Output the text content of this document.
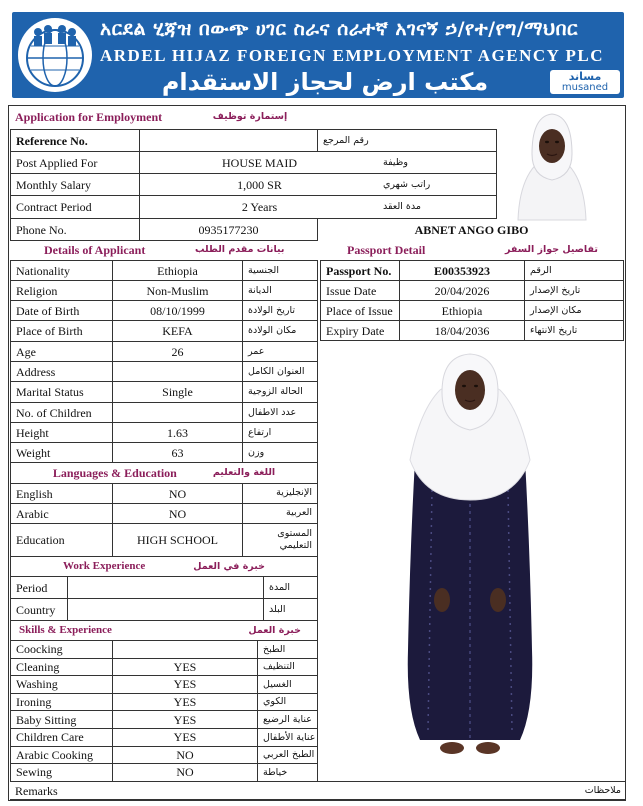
አርደል ሂጃዝ በውጭ ሀገር ስራና ሰራተኛ አገናኝ ኃ/የተ/የግ/ማህበር
ARDEL HIJAZ FOREIGN EMPLOYMENT AGENCY PLC
مكتب ارض لحجاز الاستقدام	مساند
musaned
Application for Employment	إستمارة توظيف
Reference No.	رقم المرجع
Post Applied For	HOUSE MAID	وظيفة
Monthly Salary	1,000 SR	راتب شهري
Contract Period	2 Years	مدة العقد
Phone No.	0935177230	ABNET ANGO GIBO
Details of Applicant	بيانات مقدم الطلب	Passport Detail	تفاصيل جواز السفر
Nationality	Ethiopia	الجنسية
Religion	Non-Muslim	الديانة
Date of Birth	08/10/1999	تاريخ الولادة
Place of Birth	KEFA	مكان الولادة
Age	26	عمر
Address	العنوان الكامل
Marital Status	Single	الحالة الزوجية
No. of Children	عدد الاطفال
Height	1.63	ارتفاع
Weight	63	وزن
Passport No.	E00353923	الرقم
Issue Date	20/04/2026	تاريخ الإصدار
Place of Issue	Ethiopia	مكان الإصدار
Expiry Date	18/04/2036	تاريخ الانتهاء
Languages & Education	اللغة والتعليم
English	NO	الإنجليزية
Arabic	NO	العربية
Education	HIGH SCHOOL	المستوى التعليمي
Work Experience	خبرة في العمل
Period	المدة
Country	البلد
Skills & Experience	خبرة العمل
Coocking	الطبخ
Cleaning	YES	التنظيف
Washing	YES	الغسيل
Ironing	YES	الكوي
Baby Sitting	YES	عناية الرضيع
Children Care	YES	عناية الأطفال
Arabic Cooking	NO	الطبخ العربي
Sewing	NO	خياطة
Remarks	ملاحظات
